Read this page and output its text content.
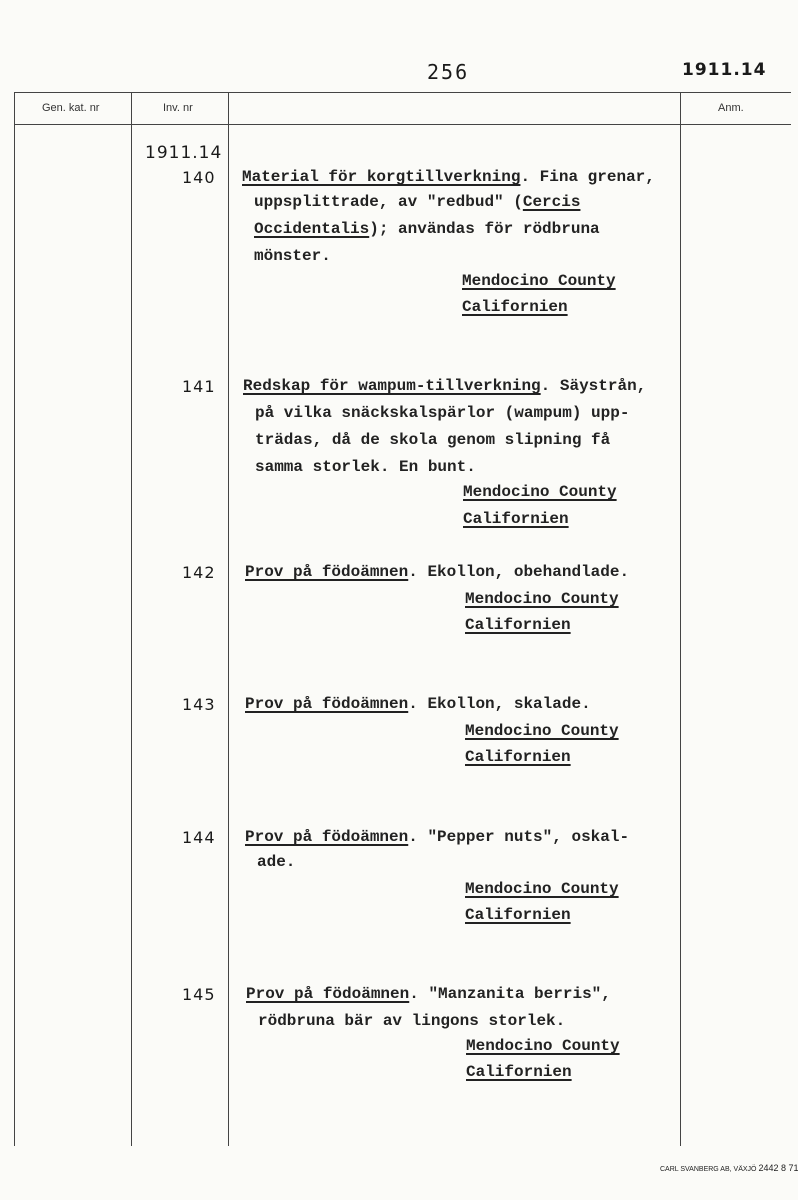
256	1911.14
Gen. kat. nr	Inv. nr	Anm.
1911.14
140 Material för korgtillverkning. Fina grenar,
uppsplittrade, av "redbud" (Cercis
Occidentalis); användas för rödbruna
mönster.
Mendocino County
Californien
141 Redskap för wampum-tillverkning. Säystrån,
på vilka snäckskalspärlor (wampum) upp-
trädas, då de skola genom slipning få
samma storlek. En bunt.
Mendocino County
Californien
142 Prov på födoämnen. Ekollon, obehandlade.
Mendocino County
Californien
143 Prov på födoämnen. Ekollon, skalade.
Mendocino County
Californien
144 Prov på födoämnen. "Pepper nuts", oskal-
ade.
Mendocino County
Californien
145 Prov på födoämnen. "Manzanita berris",
rödbruna bär av lingons storlek.
Mendocino County
Californien
CARL SVANBERG AB, VÄXJÖ 2442 8 71
